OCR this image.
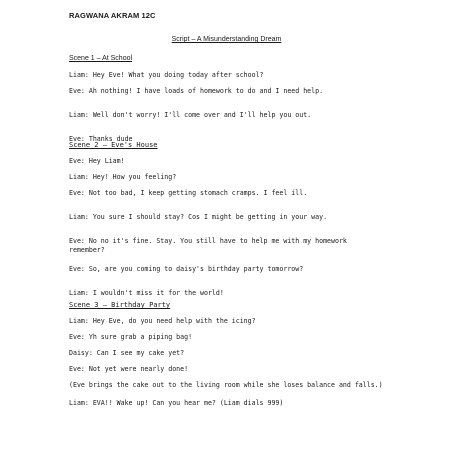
RAGWANA AKRAM 12C
Script – A Misunderstanding Dream
Scene 1 – At School
Liam: Hey Eve! What you doing today after school?
Eve: Ah nothing! I have loads of homework to do and I need help.
Liam: Well don't worry! I'll come over and I'll help you out.
Eve: Thanks dude
Scene 2 – Eve's House
Eve: Hey Liam!
Liam: Hey! How you feeling?
Eve: Not too bad, I keep getting stomach cramps. I feel ill.
Liam: You sure I should stay? Cos I might be getting in your way.
Eve: No no it's fine. Stay. You still have to help me with my homework remember?
Eve: So, are you coming to daisy's birthday party tomorrow?
Liam: I wouldn't miss it for the world!
Scene 3 – Birthday Party
Liam: Hey Eve, do you need help with the icing?
Eve: Yh sure grab a piping bag!
Daisy: Can I see my cake yet?
Eve: Not yet were nearly done!
(Eve brings the cake out to the living room while she loses balance and falls.)
Liam: EVA!! Wake up! Can you hear me? (Liam dials 999)
